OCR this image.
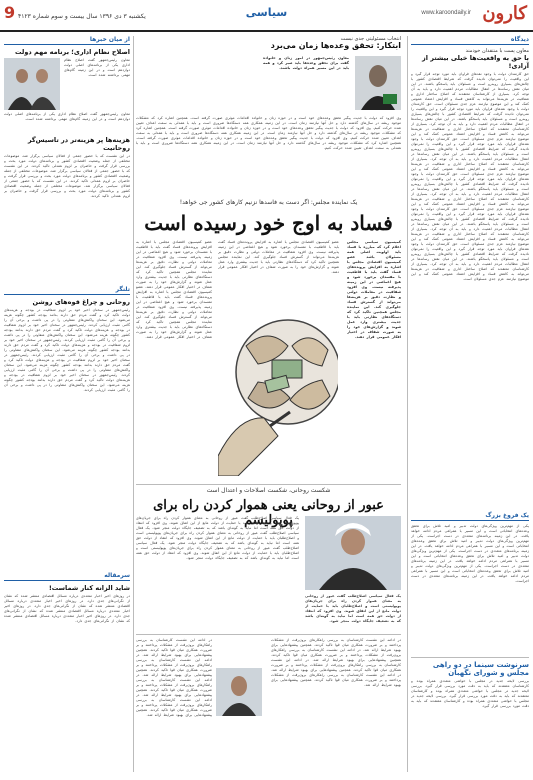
کارون
www.karoondaily.ir
سیاسی
یکشنبه ۳ دی ۱۳۹۶ سال بیست و سوم شماره ۴۱۲۳
9
دیدگاه
معاون پست با منتقدان خودمند
با حق به واقعیت‌ها خیلی بیشتر از آزادی!
حق کارمندان دولت با وجود نقدهای فراوان باید مورد توجه قرار گیرد و این واقعیت را نمی‌توان نادیده گرفت که شرایط اقتصادی کشور با چالش‌های بسیاری روبه‌رو است و مسئولان باید پاسخگو باشند. در این میان نقش رسانه‌ها در انتقال مطالبات مردم اهمیت دارد و باید به آن توجه کرد. بسیاری از کارشناسان معتقدند که اصلاح ساختار اداری و شفافیت در هزینه‌ها می‌تواند به کاهش فساد و افزایش اعتماد عمومی کمک کند و این موضوع نیازمند عزم جدی مسئولان است. حق کارمندان دولت با وجود نقدهای فراوان باید مورد توجه قرار گیرد و این واقعیت را نمی‌توان نادیده گرفت که شرایط اقتصادی کشور با چالش‌های بسیاری روبه‌رو است و مسئولان باید پاسخگو باشند. در این میان نقش رسانه‌ها در انتقال مطالبات مردم اهمیت دارد و باید به آن توجه کرد. بسیاری از کارشناسان معتقدند که اصلاح ساختار اداری و شفافیت در هزینه‌ها می‌تواند به کاهش فساد و افزایش اعتماد عمومی کمک کند و این موضوع نیازمند عزم جدی مسئولان است. حق کارمندان دولت با وجود نقدهای فراوان باید مورد توجه قرار گیرد و این واقعیت را نمی‌توان نادیده گرفت که شرایط اقتصادی کشور با چالش‌های بسیاری روبه‌رو است و مسئولان باید پاسخگو باشند. در این میان نقش رسانه‌ها در انتقال مطالبات مردم اهمیت دارد و باید به آن توجه کرد. بسیاری از کارشناسان معتقدند که اصلاح ساختار اداری و شفافیت در هزینه‌ها می‌تواند به کاهش فساد و افزایش اعتماد عمومی کمک کند و این موضوع نیازمند عزم جدی مسئولان است. حق کارمندان دولت با وجود نقدهای فراوان باید مورد توجه قرار گیرد و این واقعیت را نمی‌توان نادیده گرفت که شرایط اقتصادی کشور با چالش‌های بسیاری روبه‌رو است و مسئولان باید پاسخگو باشند. در این میان نقش رسانه‌ها در انتقال مطالبات مردم اهمیت دارد و باید به آن توجه کرد. بسیاری از کارشناسان معتقدند که اصلاح ساختار اداری و شفافیت در هزینه‌ها می‌تواند به کاهش فساد و افزایش اعتماد عمومی کمک کند و این موضوع نیازمند عزم جدی مسئولان است. حق کارمندان دولت با وجود نقدهای فراوان باید مورد توجه قرار گیرد و این واقعیت را نمی‌توان نادیده گرفت که شرایط اقتصادی کشور با چالش‌های بسیاری روبه‌رو است و مسئولان باید پاسخگو باشند. در این میان نقش رسانه‌ها در انتقال مطالبات مردم اهمیت دارد و باید به آن توجه کرد. بسیاری از کارشناسان معتقدند که اصلاح ساختار اداری و شفافیت در هزینه‌ها می‌تواند به کاهش فساد و افزایش اعتماد عمومی کمک کند و این موضوع نیازمند عزم جدی مسئولان است. حق کارمندان دولت با وجود نقدهای فراوان باید مورد توجه قرار گیرد و این واقعیت را نمی‌توان نادیده گرفت که شرایط اقتصادی کشور با چالش‌های بسیاری روبه‌رو است و مسئولان باید پاسخگو باشند. در این میان نقش رسانه‌ها در انتقال مطالبات مردم اهمیت دارد و باید به آن توجه کرد. بسیاری از کارشناسان معتقدند که اصلاح ساختار اداری و شفافیت در هزینه‌ها می‌تواند به کاهش فساد و افزایش اعتماد عمومی کمک کند و این موضوع نیازمند عزم جدی مسئولان است.
یک فروغ بزرگ
یکی از مهم‌ترین ویژگی‌های دولت تدبیر و امید تلاش برای تحقق وعده‌های انتخاباتی است و این مسیر با همراهی مردم ادامه خواهد یافت. در این زمینه برنامه‌های متعددی در دست اجراست. یکی از مهم‌ترین ویژگی‌های دولت تدبیر و امید تلاش برای تحقق وعده‌های انتخاباتی است و این مسیر با همراهی مردم ادامه خواهد یافت. در این زمینه برنامه‌های متعددی در دست اجراست. یکی از مهم‌ترین ویژگی‌های دولت تدبیر و امید تلاش برای تحقق وعده‌های انتخاباتی است و این مسیر با همراهی مردم ادامه خواهد یافت. در این زمینه برنامه‌های متعددی در دست اجراست. یکی از مهم‌ترین ویژگی‌های دولت تدبیر و امید تلاش برای تحقق وعده‌های انتخاباتی است و این مسیر با همراهی مردم ادامه خواهد یافت. در این زمینه برنامه‌های متعددی در دست اجراست.
سرنوشت سینما در دو راهی مجلس و شورای نگهبان
بررسی لایحه جدید در مجلس با حواشی متعددی همراه بوده و کارشناسان معتقدند که باید به دقت مورد بررسی قرار گیرد. بررسی لایحه جدید در مجلس با حواشی متعددی همراه بوده و کارشناسان معتقدند که باید به دقت مورد بررسی قرار گیرد. بررسی لایحه جدید در مجلس با حواشی متعددی همراه بوده و کارشناسان معتقدند که باید به دقت مورد بررسی قرار گیرد.
انتخاب مسئولیتی جدی نیست
ابتکار: تحقق وعده‌ها زمان می‌برد
معاون رئیس‌جمهور در امور زنان و خانواده گفت برای تحقق وعده‌ها باید صبر کرد و همه باید در این مسیر همراه دولت باشند.
وی افزود که دولت با جدیت پیگیر تحقق وعده‌های خود است و در حوزه زنان و خانواده اقدامات موثری صورت گرفته است. همچنین اشاره کرد که مشکلات موجود ریشه در سال‌های گذشته دارد و حل آنها نیازمند زمان است. در این زمینه همکاری همه دستگاه‌ها ضروری است و باید با همدلی به سمت اهداف تعیین شده حرکت کنیم. وی افزود که دولت با جدیت پیگیر تحقق وعده‌های خود است و در حوزه زنان و خانواده اقدامات موثری صورت گرفته است. همچنین اشاره کرد که مشکلات موجود ریشه در سال‌های گذشته دارد و حل آنها نیازمند زمان است. در این زمینه همکاری همه دستگاه‌ها ضروری است و باید با همدلی به سمت اهداف تعیین شده حرکت کنیم. وی افزود که دولت با جدیت پیگیر تحقق وعده‌های خود است و در حوزه زنان و خانواده اقدامات موثری صورت گرفته است. همچنین اشاره کرد که مشکلات موجود ریشه در سال‌های گذشته دارد و حل آنها نیازمند زمان است. در این زمینه همکاری همه دستگاه‌ها ضروری است و باید با همدلی به سمت اهداف تعیین شده حرکت کنیم.
یک نماینده مجلس: اگر دست به فاسدها نزنیم کارهای کشور جی خواهد!
فساد به اوج خود رسیده است
کمیسیون سیاسی مجلس اعلام کرد که مبارزه با فساد باید اولویت اصلی همه مسئولان باشد عضو کمیسیون اقتصادی مجلس با اشاره به افزایش پرونده‌های فساد گفت باید با قاطعیت با مفسدان برخورد شود و هیچ اغماضی در این زمینه پذیرفته نیست. وی افزود شفافیت در معاملات دولتی و نظارت دقیق بر هزینه‌ها می‌تواند از گسترش فساد جلوگیری کند. این نماینده مجلس همچنین تاکید کرد که دستگاه‌های نظارتی باید با جدیت بیشتری وارد عمل شوند و گزارش‌های خود را به صورت شفاف در اختیار افکار عمومی قرار دهند.
عضو کمیسیون اقتصادی مجلس با اشاره به افزایش پرونده‌های فساد گفت باید با قاطعیت با مفسدان برخورد شود و هیچ اغماضی در این زمینه پذیرفته نیست. وی افزود شفافیت در معاملات دولتی و نظارت دقیق بر هزینه‌ها می‌تواند از گسترش فساد جلوگیری کند. این نماینده مجلس همچنین تاکید کرد که دستگاه‌های نظارتی باید با جدیت بیشتری وارد عمل شوند و گزارش‌های خود را به صورت شفاف در اختیار افکار عمومی قرار دهند. عضو کمیسیون اقتصادی مجلس با اشاره به افزایش پرونده‌های فساد گفت باید با قاطعیت با مفسدان برخورد شود و هیچ اغماضی در این زمینه پذیرفته نیست. وی افزود شفافیت در معاملات دولتی و نظارت دقیق بر هزینه‌ها می‌تواند از گسترش فساد جلوگیری کند. این نماینده مجلس همچنین تاکید کرد که دستگاه‌های نظارتی باید با جدیت بیشتری وارد عمل شوند و گزارش‌های خود را به صورت شفاف در اختیار افکار عمومی قرار دهند.
عضو کمیسیون اقتصادی مجلس با اشاره به افزایش پرونده‌های فساد گفت باید با قاطعیت با مفسدان برخورد شود و هیچ اغماضی در این زمینه پذیرفته نیست. وی افزود شفافیت در معاملات دولتی و نظارت دقیق بر هزینه‌ها می‌تواند از گسترش فساد جلوگیری کند. این نماینده مجلس همچنین تاکید کرد که دستگاه‌های نظارتی باید با جدیت بیشتری وارد عمل شوند و گزارش‌های خود را به صورت شفاف در اختیار افکار عمومی قرار دهند.
شکست روحانی، شکست اصلاحات و اعتدال است
عبور از روحانی یعنی هموار کردن راه برای پوپولیسم
یک فعال سیاسی اصلاح‌طلب گفت عبور از روحانی به معنای هموار کردن راه برای جریان‌های پوپولیستی است و اصلاح‌طلبان باید با حمایت از دولت مانع از این اتفاق شوند. وی افزود که انتقاد از دولت حق همه است اما نباید به گونه‌ای باشد که به تضعیف جایگاه دولت منجر شود.
یک فعال سیاسی اصلاح‌طلب گفت عبور از روحانی به معنای هموار کردن راه برای جریان‌های پوپولیستی است و اصلاح‌طلبان باید با حمایت از دولت مانع از این اتفاق شوند. وی افزود که انتقاد از دولت حق همه است اما نباید به گونه‌ای باشد که به تضعیف جایگاه دولت منجر شود. یک فعال سیاسی اصلاح‌طلب گفت عبور از روحانی به معنای هموار کردن راه برای جریان‌های پوپولیستی است و اصلاح‌طلبان باید با حمایت از دولت مانع از این اتفاق شوند. وی افزود که انتقاد از دولت حق همه است اما نباید به گونه‌ای باشد که به تضعیف جایگاه دولت منجر شود. یک فعال سیاسی اصلاح‌طلب گفت عبور از روحانی به معنای هموار کردن راه برای جریان‌های پوپولیستی است و اصلاح‌طلبان باید با حمایت از دولت مانع از این اتفاق شوند. وی افزود که انتقاد از دولت حق همه است اما نباید به گونه‌ای باشد که به تضعیف جایگاه دولت منجر شود.
در ادامه این نشست کارشناسان به بررسی راهکارهای برون‌رفت از مشکلات پرداختند و بر ضرورت همکاری میان قوا تاکید کردند. همچنین پیشنهادهایی برای بهبود شرایط ارائه شد. در ادامه این نشست کارشناسان به بررسی راهکارهای برون‌رفت از مشکلات پرداختند و بر ضرورت همکاری میان قوا تاکید کردند. همچنین پیشنهادهایی برای بهبود شرایط ارائه شد. در ادامه این نشست کارشناسان به بررسی راهکارهای برون‌رفت از مشکلات پرداختند و بر ضرورت همکاری میان قوا تاکید کردند. همچنین پیشنهادهایی برای بهبود شرایط ارائه شد. در ادامه این نشست کارشناسان به بررسی راهکارهای برون‌رفت از مشکلات پرداختند و بر ضرورت همکاری میان قوا تاکید کردند. همچنین پیشنهادهایی برای بهبود شرایط ارائه شد.
در ادامه این نشست کارشناسان به بررسی راهکارهای برون‌رفت از مشکلات پرداختند و بر ضرورت همکاری میان قوا تاکید کردند. همچنین پیشنهادهایی برای بهبود شرایط ارائه شد. در ادامه این نشست کارشناسان به بررسی راهکارهای برون‌رفت از مشکلات پرداختند و بر ضرورت همکاری میان قوا تاکید کردند. همچنین پیشنهادهایی برای بهبود شرایط ارائه شد. در ادامه این نشست کارشناسان به بررسی راهکارهای برون‌رفت از مشکلات پرداختند و بر ضرورت همکاری میان قوا تاکید کردند. همچنین پیشنهادهایی برای بهبود شرایط ارائه شد. در ادامه این نشست کارشناسان به بررسی راهکارهای برون‌رفت از مشکلات پرداختند و بر ضرورت همکاری میان قوا تاکید کردند. همچنین پیشنهادهایی برای بهبود شرایط ارائه شد.
از میان خبرها
اصلاح نظام اداری؛ برنامه مهم دولت
معاون رئیس‌جمهور گفت اصلاح نظام اداری یکی از برنامه‌های اصلی دولت دوازدهم است و در این زمینه گام‌های مهمی برداشته شده است.
معاون رئیس‌جمهور گفت اصلاح نظام اداری یکی از برنامه‌های اصلی دولت دوازدهم است و در این زمینه گام‌های مهمی برداشته شده است.
هزینه‌ها پر هزینه‌تر در تاسیس‌گر روحانیت
در این نشست که با حضور جمعی از فعالان سیاسی برگزار شد، موضوعات مختلفی از جمله وضعیت اقتصادی کشور و برنامه‌های دولت مورد بحث و بررسی قرار گرفت و حاضران بر لزوم همدلی تاکید کردند. در این نشست که با حضور جمعی از فعالان سیاسی برگزار شد، موضوعات مختلفی از جمله وضعیت اقتصادی کشور و برنامه‌های دولت مورد بحث و بررسی قرار گرفت و حاضران بر لزوم همدلی تاکید کردند. در این نشست که با حضور جمعی از فعالان سیاسی برگزار شد، موضوعات مختلفی از جمله وضعیت اقتصادی کشور و برنامه‌های دولت مورد بحث و بررسی قرار گرفت و حاضران بر لزوم همدلی تاکید کردند.
تلنگر
روحانی و چراغ قوه‌های روشن
رئیس‌جمهور در سخنان اخیر خود بر لزوم شفافیت در بودجه و هزینه‌های دولت تاکید کرد و گفت مردم حق دارند بدانند بودجه کشور چگونه هزینه می‌شود. این سخنان واکنش‌های متفاوتی را در پی داشت و برخی آن را گامی مثبت ارزیابی کردند. رئیس‌جمهور در سخنان اخیر خود بر لزوم شفافیت در بودجه و هزینه‌های دولت تاکید کرد و گفت مردم حق دارند بدانند بودجه کشور چگونه هزینه می‌شود. این سخنان واکنش‌های متفاوتی را در پی داشت و برخی آن را گامی مثبت ارزیابی کردند. رئیس‌جمهور در سخنان اخیر خود بر لزوم شفافیت در بودجه و هزینه‌های دولت تاکید کرد و گفت مردم حق دارند بدانند بودجه کشور چگونه هزینه می‌شود. این سخنان واکنش‌های متفاوتی را در پی داشت و برخی آن را گامی مثبت ارزیابی کردند. رئیس‌جمهور در سخنان اخیر خود بر لزوم شفافیت در بودجه و هزینه‌های دولت تاکید کرد و گفت مردم حق دارند بدانند بودجه کشور چگونه هزینه می‌شود. این سخنان واکنش‌های متفاوتی را در پی داشت و برخی آن را گامی مثبت ارزیابی کردند. رئیس‌جمهور در سخنان اخیر خود بر لزوم شفافیت در بودجه و هزینه‌های دولت تاکید کرد و گفت مردم حق دارند بدانند بودجه کشور چگونه هزینه می‌شود. این سخنان واکنش‌های متفاوتی را در پی داشت و برخی آن را گامی مثبت ارزیابی کردند.
سرمقاله
شاید الزانه کنار شماست!
در روزهای اخیر اخبار متعددی درباره مسائل اقتصادی منتشر شده که نشان از نگرانی‌های جدی دارد. در روزهای اخیر اخبار متعددی درباره مسائل اقتصادی منتشر شده که نشان از نگرانی‌های جدی دارد. در روزهای اخیر اخبار متعددی درباره مسائل اقتصادی منتشر شده که نشان از نگرانی‌های جدی دارد. در روزهای اخیر اخبار متعددی درباره مسائل اقتصادی منتشر شده که نشان از نگرانی‌های جدی دارد.
